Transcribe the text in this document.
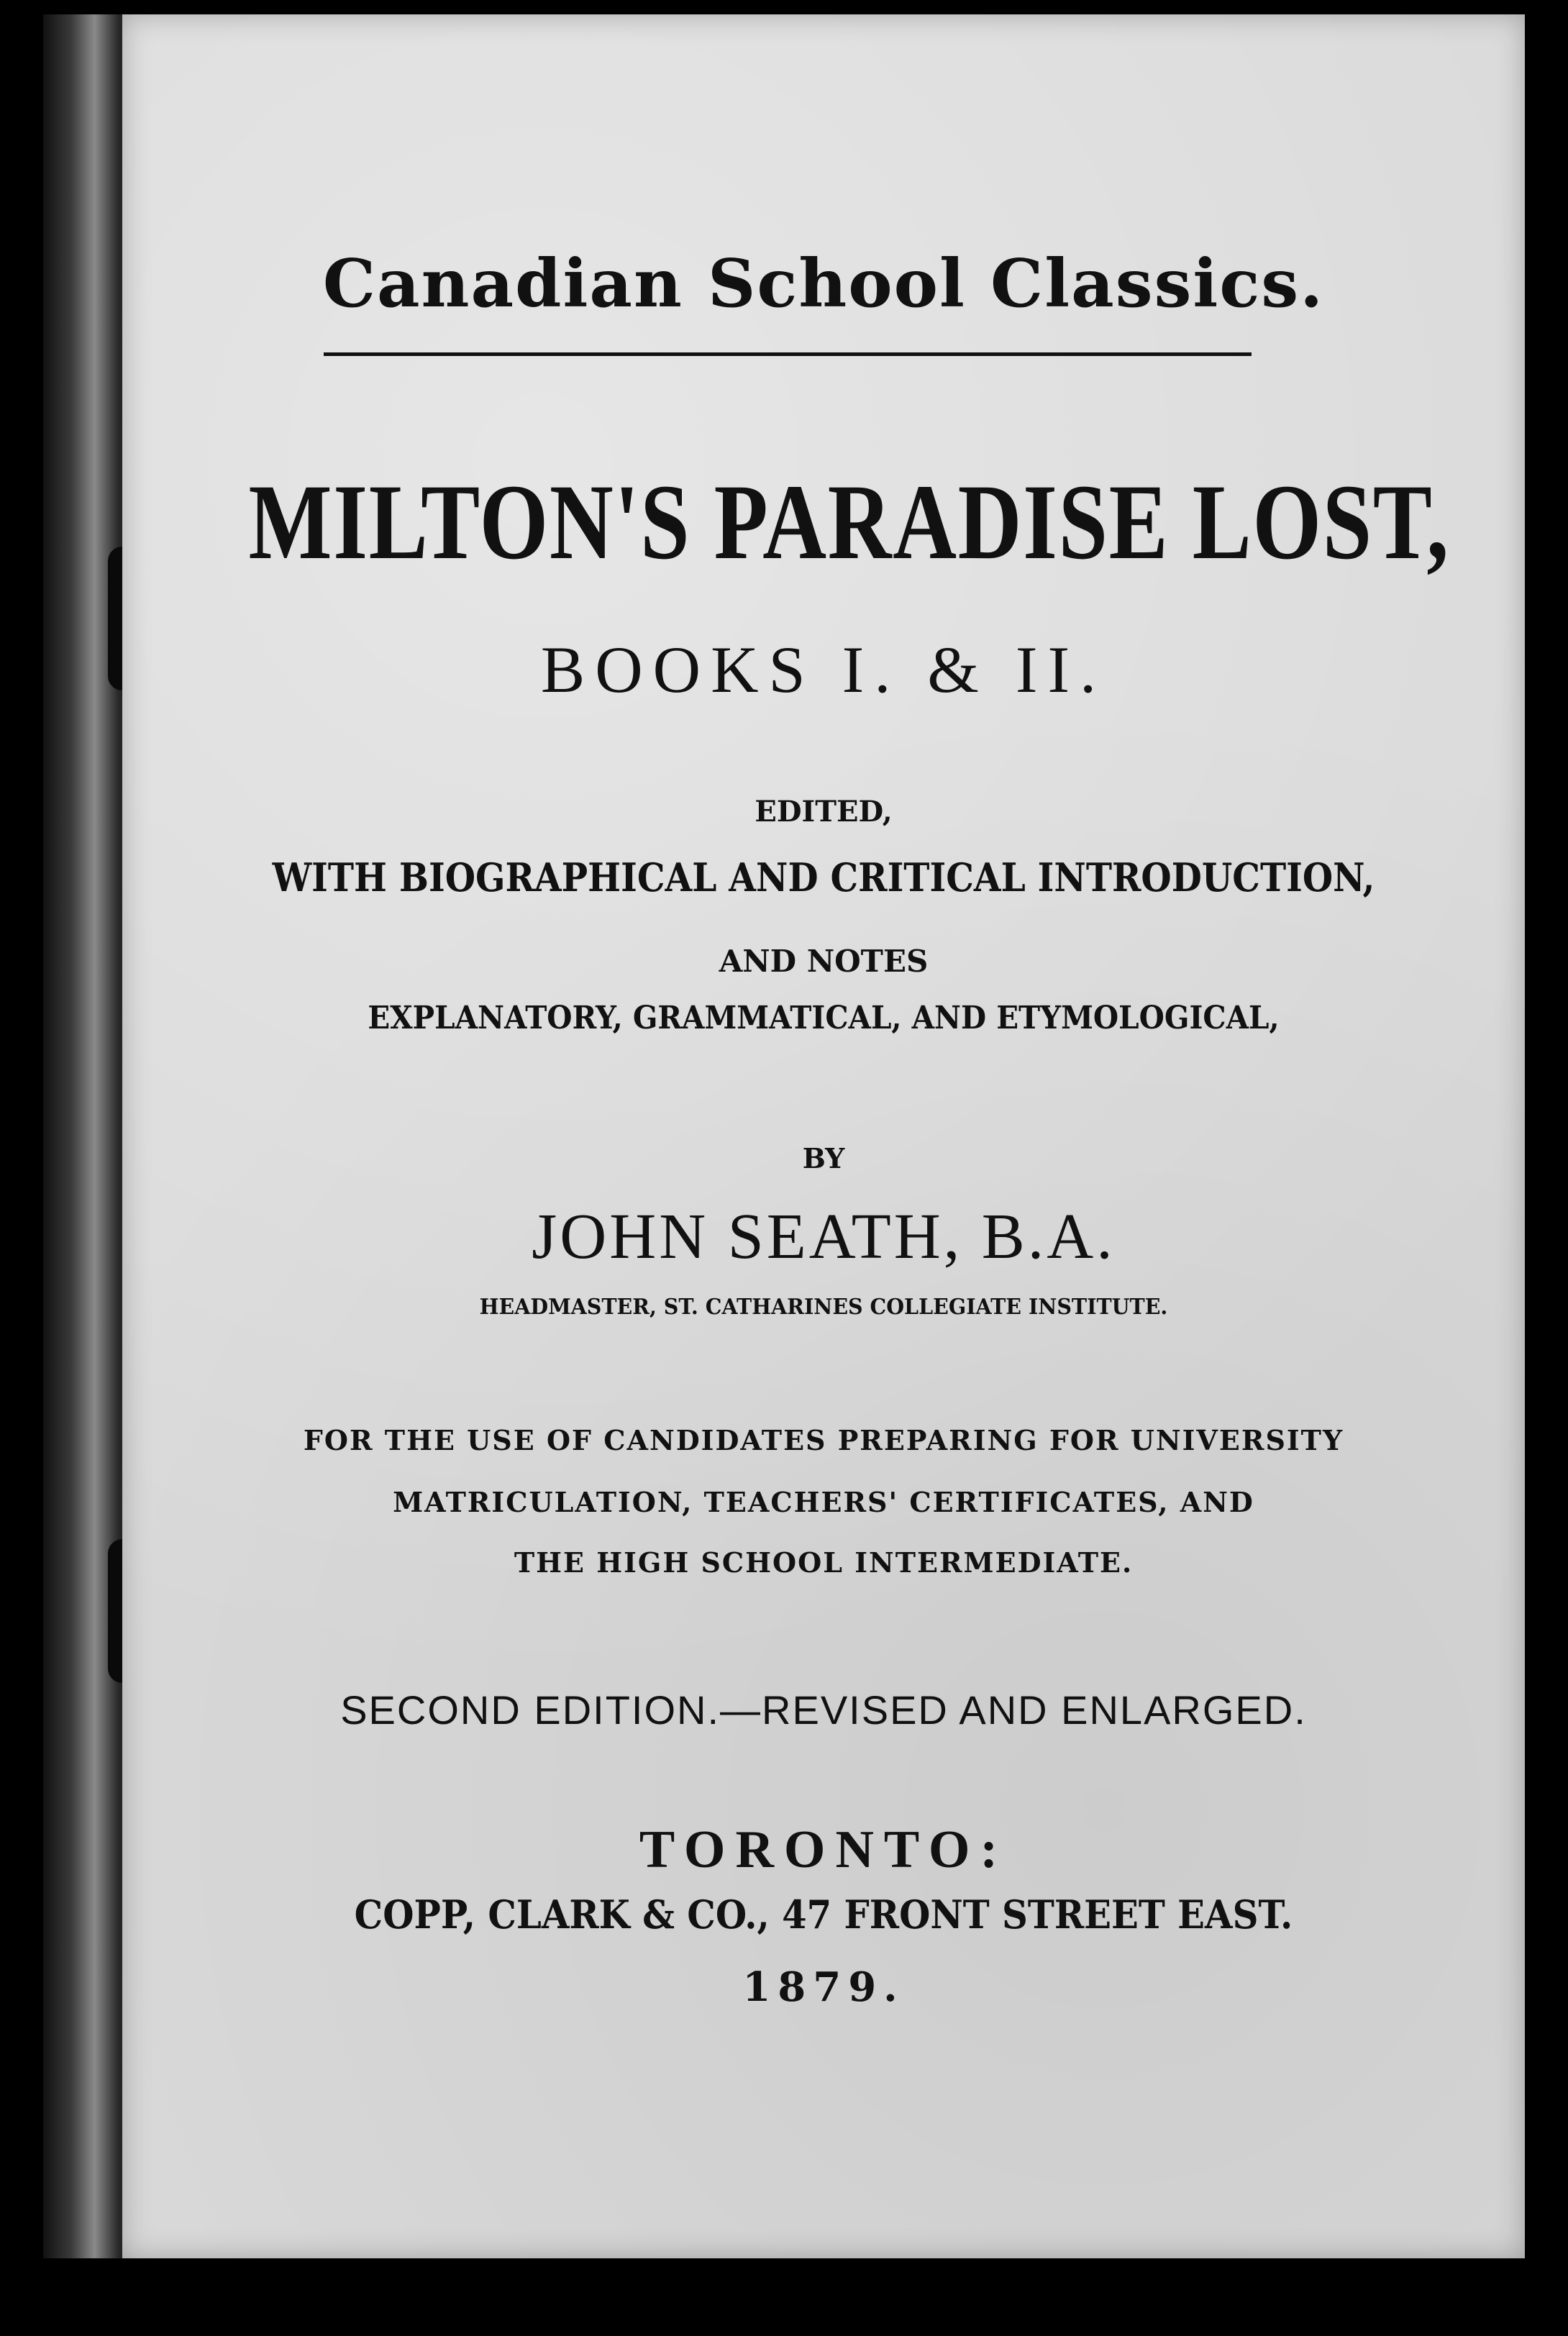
Canadian School Classics.
MILTON'S PARADISE LOST,
BOOKS I. & II.
EDITED,
WITH BIOGRAPHICAL AND CRITICAL INTRODUCTION,
AND NOTES
EXPLANATORY, GRAMMATICAL, AND ETYMOLOGICAL,
BY
JOHN SEATH, B.A.
HEADMASTER, ST. CATHARINES COLLEGIATE INSTITUTE.
FOR THE USE OF CANDIDATES PREPARING FOR UNIVERSITY
MATRICULATION, TEACHERS' CERTIFICATES, AND
THE HIGH SCHOOL INTERMEDIATE.
SECOND EDITION.—REVISED AND ENLARGED.
TORONTO:
COPP, CLARK & CO., 47 FRONT STREET EAST.
1879.
